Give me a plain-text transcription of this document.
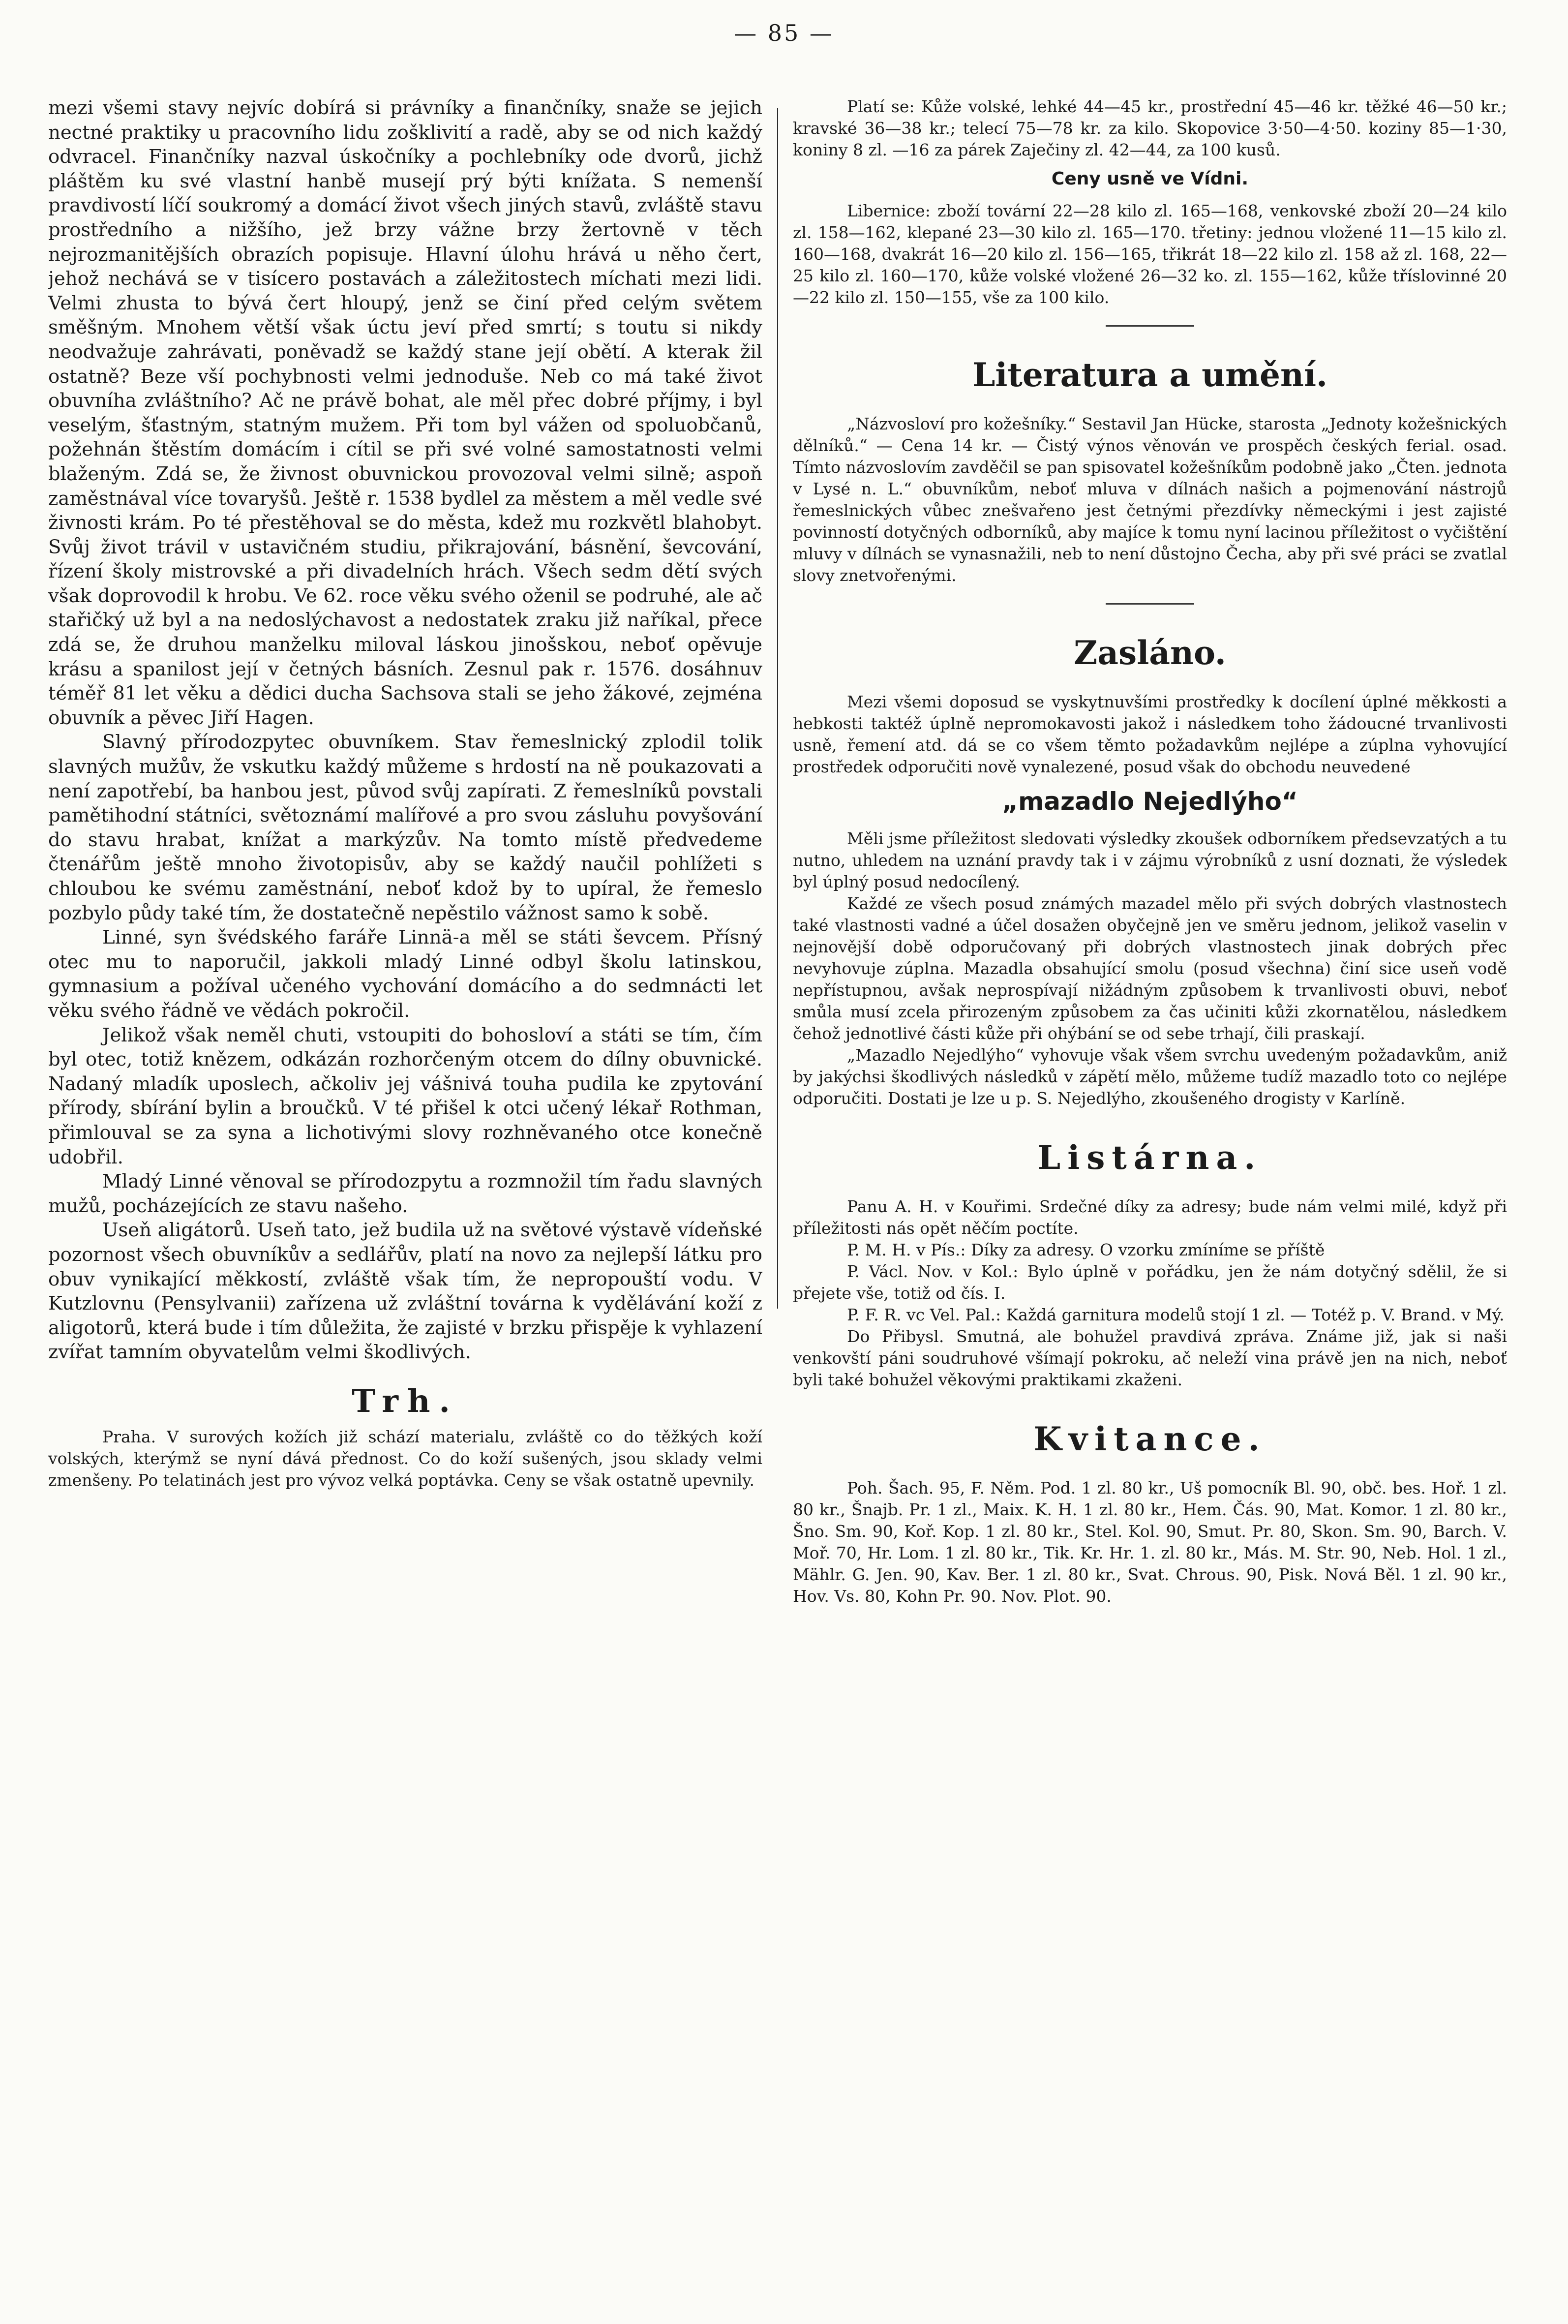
— 85 —

mezi všemi stavy nejvíc dobírá si právníky a finančníky, snaže se jejich nectné praktiky u pracovního lidu zošklivití a radě, aby se od nich každý odvracel. Finančníky nazval úskočníky a pochlebníky ode dvorů, jichž pláštěm ku své vlastní hanbě musejí prý býti knížata. S nemenší pravdivostí líčí soukromý a domácí život všech jiných stavů, zvláště stavu prostředního a nižšího, jež brzy vážne brzy žertovně v těch nejrozmanitějších obrazích popisuje. Hlavní úlohu hrává u něho čert, jehož nechává se v tisícero postavách a záležitostech míchati mezi lidi. Velmi zhusta to bývá čert hloupý, jenž se činí před celým světem směšným. Mnohem větší však úctu jeví před smrtí; s toutu si nikdy neodvažuje zahrávati, poněvadž se každý stane její obětí. A kterak žil ostatně? Beze vší pochybnosti velmi jednoduše. Neb co má také život obuvníha zvláštního? Ač ne právě bohat, ale měl přec dobré příjmy, i byl veselým, šťastným, statným mužem. Při tom byl vážen od spoluobčanů, požehnán štěstím domácím i cítil se při své volné samostatnosti velmi blaženým. Zdá se, že živnost obuvnickou provozoval velmi silně; aspoň zaměstnával více tovaryšů. Ještě r. 1538 bydlel za městem a měl vedle své živnosti krám. Po té přestěhoval se do města, kdež mu rozkvětl blahobyt. Svůj život trávil v ustavičném studiu, přikrajování, básnění, ševcování, řízení školy mistrovské a při divadelních hrách. Všech sedm dětí svých však doprovodil k hrobu. Ve 62. roce věku svého oženil se podruhé, ale ač stařičký už byl a na nedoslýchavost a nedostatek zraku již naříkal, přece zdá se, že druhou manželku miloval láskou jinošskou, neboť opěvuje krásu a spanilost její v četných básních. Zesnul pak r. 1576. dosáhnuv téměř 81 let věku a dědici ducha Sachsova stali se jeho žákové, zejména obuvník a pěvec Jiří Hagen.

Slavný přírodozpytec obuvníkem. Stav řemeslnický zplodil tolik slavných mužův, že vskutku každý můžeme s hrdostí na ně poukazovati a není zapotřebí, ba hanbou jest, původ svůj zapírati. Z řemeslníků povstali pamětihodní státníci, světoznámí malířové a pro svou zásluhu povyšování do stavu hrabat, knížat a markýzův. Na tomto místě předvedeme čtenářům ještě mnoho životopisův, aby se každý naučil pohlížeti s chloubou ke svému zaměstnání, neboť kdož by to upíral, že řemeslo pozbylo půdy také tím, že dostatečně nepěstilo vážnost samo k sobě.

Linné, syn švédského faráře Linnä-a měl se státi ševcem. Přísný otec mu to naporučil, jakkoli mladý Linné odbyl školu latinskou, gymnasium a požíval učeného vychování domácího a do sedmnácti let věku svého řádně ve vědách pokročil.

Jelikož však neměl chuti, vstoupiti do bohosloví a státi se tím, čím byl otec, totiž knězem, odkázán rozhorčeným otcem do dílny obuvnické. Nadaný mladík uposlech, ačkoliv jej vášnivá touha pudila ke zpytování přírody, sbírání bylin a broučků. V té přišel k otci učený lékař Rothman, přimlouval se za syna a lichotivými slovy rozhněvaného otce konečně udobřil.

Mladý Linné věnoval se přírodozpytu a rozmnožil tím řadu slavných mužů, pocházejících ze stavu našeho.

Useň aligátorů. Useň tato, jež budila už na světové výstavě vídeňské pozornost všech obuvníkův a sedlářův, platí na novo za nejlepší látku pro obuv vynikající měkkostí, zvláště však tím, že nepropouští vodu. V Kutzlovnu (Pensylvanii) zařízena už zvláštní továrna k vydělávání koží z aligotorů, která bude i tím důležita, že zajisté v brzku přispěje k vyhlazení zvířat tamním obyvatelům velmi škodlivých.

Trh.

Praha. V surových kožích již schází materialu, zvláště co do těžkých koží volských, kterýmž se nyní dává přednost. Co do koží sušených, jsou sklady velmi zmenšeny. Po telatinách jest pro vývoz velká poptávka. Ceny se však ostatně upevnily.

Platí se: Kůže volské, lehké 44—45 kr., prostřední 45—46 kr. těžké 46—50 kr.; kravské 36—38 kr.; telecí 75—78 kr. za kilo. Skopovice 3·50—4·50. koziny 85—1·30, koniny 8 zl. —16 za párek Zaječiny zl. 42—44, za 100 kusů.

Ceny usně ve Vídni.

Libernice: zboží tovární 22—28 kilo zl. 165—168, venkovské zboží 20—24 kilo zl. 158—162, klepané 23—30 kilo zl. 165—170. třetiny: jednou vložené 11—15 kilo zl. 160—168, dvakrát 16—20 kilo zl. 156—165, třikrát 18—22 kilo zl. 158 až zl. 168, 22—25 kilo zl. 160—170, kůže volské vložené 26—32 ko. zl. 155—162, kůže tříslovinné 20—22 kilo zl. 150—155, vše za 100 kilo.

Literatura a umění.

„Názvosloví pro kožešníky.“ Sestavil Jan Hücke, starosta „Jednoty kožešnických dělníků.“ — Cena 14 kr. — Čistý výnos věnován ve prospěch českých ferial. osad. Tímto názvoslovím zavděčil se pan spisovatel kožešníkům podobně jako „Čten. jednota v Lysé n. L.“ obuvníkům, neboť mluva v dílnách našich a pojmenování nástrojů řemeslnických vůbec znešvařeno jest četnými přezdívky německými i jest zajisté povinností dotyčných odborníků, aby majíce k tomu nyní lacinou příležitost o vyčištění mluvy v dílnách se vynasnažili, neb to není důstojno Čecha, aby při své práci se zvatlal slovy znetvořenými.

Zasláno.

Mezi všemi doposud se vyskytnuvšími prostředky k docílení úplné měkkosti a hebkosti taktéž úplně nepromokavosti jakož i následkem toho žádoucné trvanlivosti usně, řemení atd. dá se co všem těmto požadavkům nejlépe a zúplna vyhovující prostředek odporučiti nově vynalezené, posud však do obchodu neuvedené

„mazadlo Nejedlýho“

Měli jsme příležitost sledovati výsledky zkoušek odborníkem předsevzatých a tu nutno, uhledem na uznání pravdy tak i v zájmu výrobníků z usní doznati, že výsledek byl úplný posud nedocílený.

Každé ze všech posud známých mazadel mělo při svých dobrých vlastnostech také vlastnosti vadné a účel dosažen obyčejně jen ve směru jednom, jelikož vaselin v nejnovější době odporučovaný při dobrých vlastnostech jinak dobrých přec nevyhovuje zúplna. Mazadla obsahující smolu (posud všechna) činí sice useň vodě nepřístupnou, avšak neprospívají nižádným způsobem k trvanlivosti obuvi, neboť smůla musí zcela přirozeným způsobem za čas učiniti kůži zkornatělou, následkem čehož jednotlivé části kůže při ohýbání se od sebe trhají, čili praskají.

„Mazadlo Nejedlýho“ vyhovuje však všem svrchu uvedeným požadavkům, aniž by jakýchsi škodlivých následků v zápětí mělo, můžeme tudíž mazadlo toto co nejlépe odporučiti. Dostati je lze u p. S. Nejedlýho, zkoušeného drogisty v Karlíně.

Listárna.

Panu A. H. v Kouřimi. Srdečné díky za adresy; bude nám velmi milé, když při příležitosti nás opět něčím poctíte.

P. M. H. v Pís.: Díky za adresy. O vzorku zmíníme se příště

P. Václ. Nov. v Kol.: Bylo úplně v pořádku, jen že nám dotyčný sdělil, že si přejete vše, totiž od čís. I.

P. F. R. vc Vel. Pal.: Každá garnitura modelů stojí 1 zl. — Totéž p. V. Brand. v Mý.

Do Přibysl. Smutná, ale bohužel pravdivá zpráva. Známe již, jak si naši venkovští páni soudruhové všímají pokroku, ač neleží vina právě jen na nich, neboť byli také bohužel věkovými praktikami zkaženi.

Kvitance.

Poh. Šach. 95, F. Něm. Pod. 1 zl. 80 kr., Uš pomocník Bl. 90, obč. bes. Hoř. 1 zl. 80 kr., Šnajb. Pr. 1 zl., Maix. K. H. 1 zl. 80 kr., Hem. Čás. 90, Mat. Komor. 1 zl. 80 kr., Šno. Sm. 90, Koř. Kop. 1 zl. 80 kr., Stel. Kol. 90, Smut. Pr. 80, Skon. Sm. 90, Barch. V. Moř. 70, Hr. Lom. 1 zl. 80 kr., Tik. Kr. Hr. 1. zl. 80 kr., Más. M. Str. 90, Neb. Hol. 1 zl., Mählr. G. Jen. 90, Kav. Ber. 1 zl. 80 kr., Svat. Chrous. 90, Pisk. Nová Běl. 1 zl. 90 kr., Hov. Vs. 80, Kohn Pr. 90. Nov. Plot. 90.
